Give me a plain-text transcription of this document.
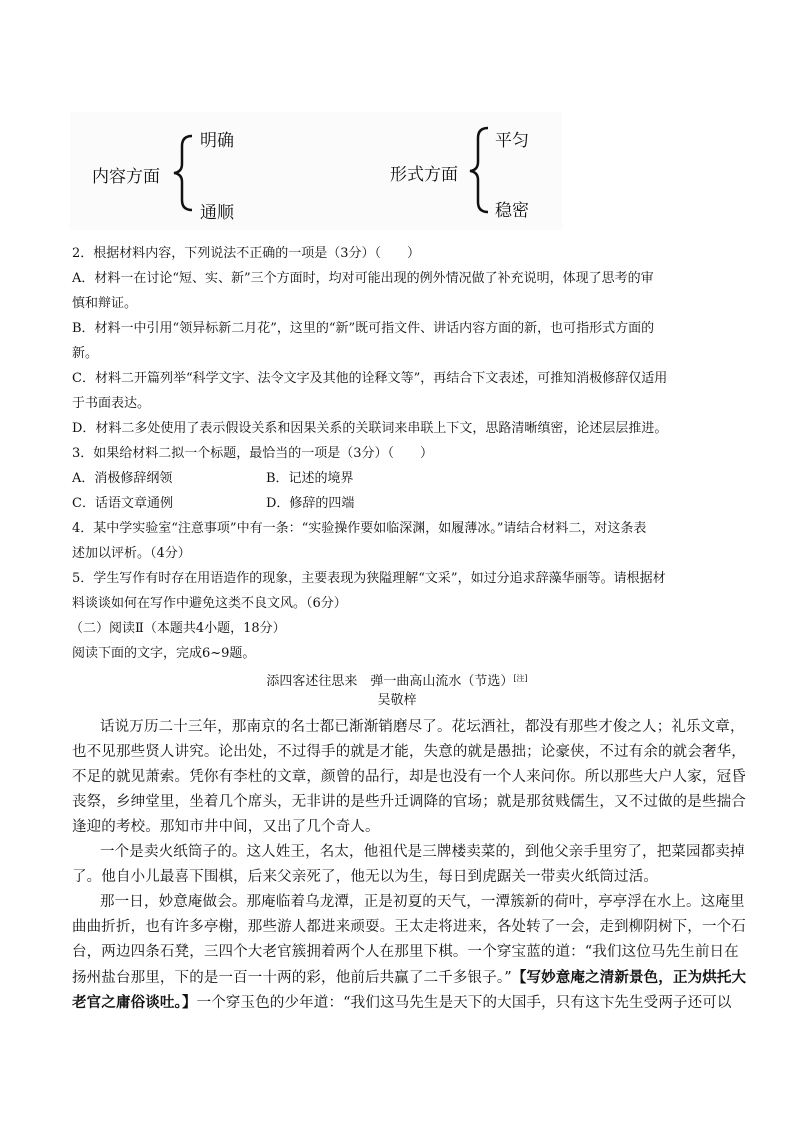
内容方面
明确
通顺
形式方面
平匀
稳密
2．根据材料内容，下列说法不正确的一项是（3分）（　　）
A．材料一在讨论“短、实、新”三个方面时，均对可能出现的例外情况做了补充说明，体现了思考的审
慎和辩证。
B．材料一中引用“领异标新二月花”，这里的“新”既可指文件、讲话内容方面的新，也可指形式方面的
新。
C．材料二开篇列举“科学文字、法令文字及其他的诠释文等”，再结合下文表述，可推知消极修辞仅适用
于书面表达。
D．材料二多处使用了表示假设关系和因果关系的关联词来串联上下文，思路清晰缜密，论述层层推进。
3．如果给材料二拟一个标题，最恰当的一项是（3分）（　　）
A．消极修辞纲领	B．记述的境界
C．话语文章通例	D．修辞的四端
4．某中学实验室“注意事项”中有一条：“实验操作要如临深渊，如履薄冰。”请结合材料二，对这条表
述加以评析。（4分）
5．学生写作有时存在用语造作的现象，主要表现为狭隘理解“文采”，如过分追求辞藻华丽等。请根据材
料谈谈如何在写作中避免这类不良文风。（6分）
（二）阅读Ⅱ（本题共4小题，18分）
阅读下面的文字，完成6~9题。
添四客述往思来　弹一曲高山流水（节选）[注]
吴敬梓
话说万历二十三年，那南京的名士都已渐渐销磨尽了。花坛酒社，都没有那些才俊之人；礼乐文章，
也不见那些贤人讲究。论出处，不过得手的就是才能，失意的就是愚拙；论豪侠，不过有余的就会奢华，
不足的就见萧索。凭你有李杜的文章，颜曾的品行，却是也没有一个人来问你。所以那些大户人家，冠昏
丧祭，乡绅堂里，坐着几个席头，无非讲的是些升迁调降的官场；就是那贫贱儒生，又不过做的是些揣合
逢迎的考校。那知市井中间，又出了几个奇人。
一个是卖火纸筒子的。这人姓王，名太，他祖代是三牌楼卖菜的，到他父亲手里穷了，把菜园都卖掉
了。他自小儿最喜下围棋，后来父亲死了，他无以为生，每日到虎踞关一带卖火纸筒过活。
那一日，妙意庵做会。那庵临着乌龙潭，正是初夏的天气，一潭簇新的荷叶，亭亭浮在水上。这庵里
曲曲折折，也有许多亭榭，那些游人都进来顽耍。王太走将进来，各处转了一会，走到柳阴树下，一个石
台，两边四条石凳，三四个大老官簇拥着两个人在那里下棋。一个穿宝蓝的道：“我们这位马先生前日在
扬州盐台那里，下的是一百一十两的彩，他前后共赢了二千多银子。”【写妙意庵之清新景色，正为烘托大
老官之庸俗谈吐。】一个穿玉色的少年道：“我们这马先生是天下的大国手，只有这卞先生受两子还可以
